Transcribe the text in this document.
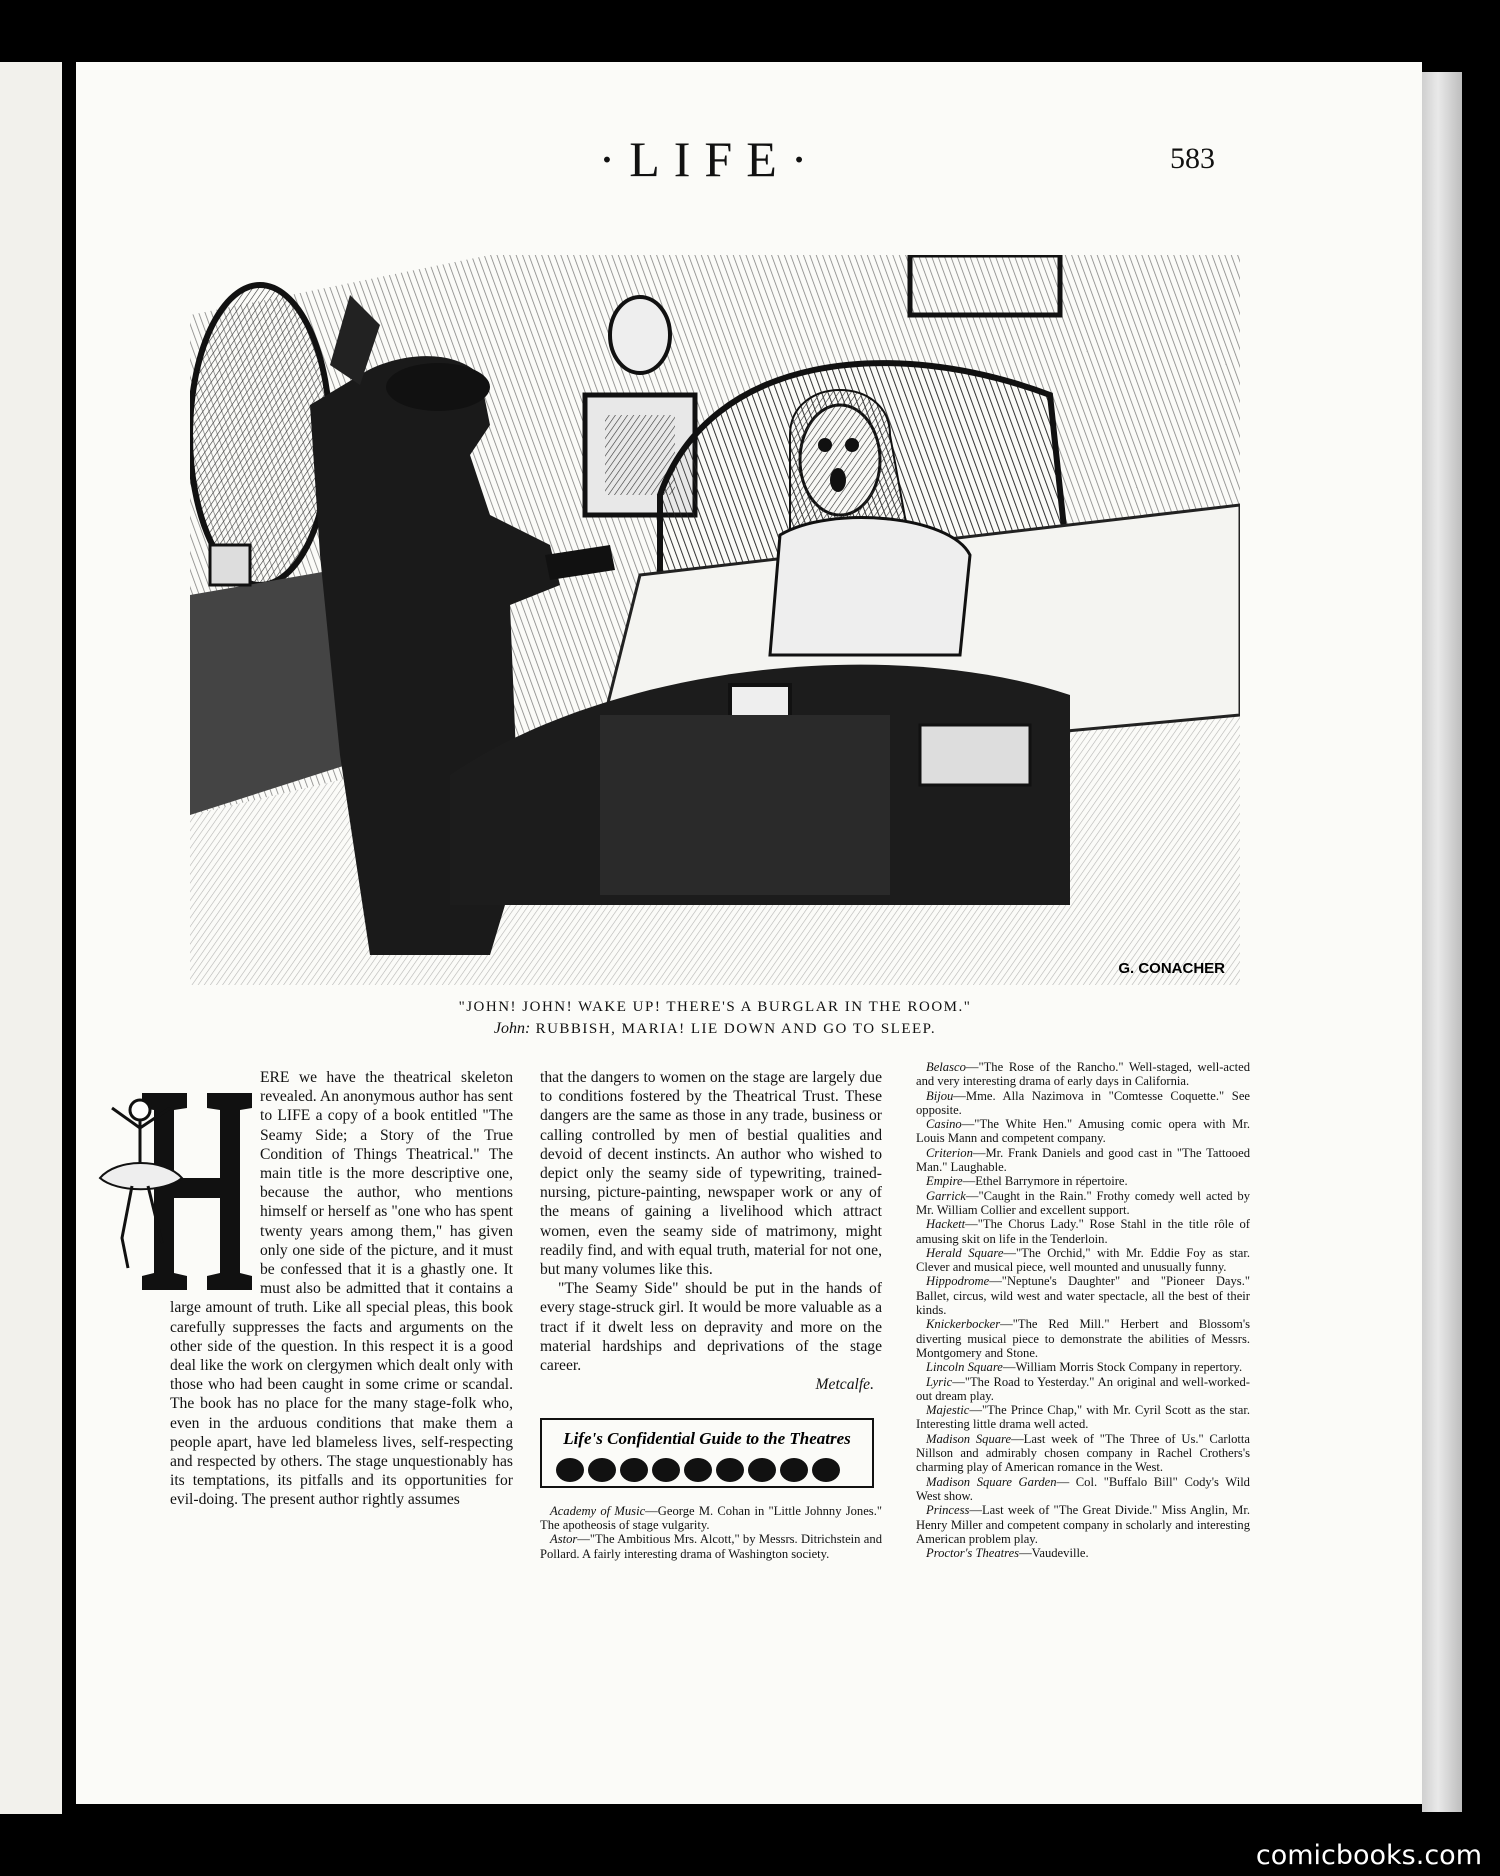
·LIFE·	583
G. CONACHER
"JOHN! JOHN! WAKE UP! THERE'S A BURGLAR IN THE ROOM."
John: RUBBISH, MARIA! LIE DOWN AND GO TO SLEEP.
H

ERE we have the theatrical skeleton revealed. An anonymous author has sent to LIFE a copy of a book entitled "The Seamy Side; a Story of the True Condition of Things Theatrical." The main title is the more descriptive one, because the author, who mentions himself or herself as "one who has spent twenty years among them," has given only one side of the picture, and it must be confessed that it is a ghastly one. It must also be admitted that it contains a large amount of truth. Like all special pleas, this book carefully suppresses the facts and arguments on the other side of the question. In this respect it is a good deal like the work on clergymen which dealt only with those who had been caught in some crime or scandal. The book has no place for the many stage-folk who, even in the arduous conditions that make them a people apart, have led blameless lives, self-respecting and respected by others. The stage unquestionably has its temptations, its pitfalls and its opportunities for evil-doing. The present author rightly assumes

that the dangers to women on the stage are largely due to conditions fostered by the Theatrical Trust. These dangers are the same as those in any trade, business or calling controlled by men of bestial qualities and devoid of decent instincts. An author who wished to depict only the seamy side of typewriting, trained-nursing, picture-painting, newspaper work or any of the means of gaining a livelihood which attract women, even the seamy side of matrimony, might readily find, and with equal truth, material for not one, but many volumes like this.

"The Seamy Side" should be put in the hands of every stage-struck girl. It would be more valuable as a tract if it dwelt less on depravity and more on the material hardships and deprivations of the stage career.

Metcalfe.

Life's Confidential Guide to the Theatres

Academy of Music—George M. Cohan in "Little Johnny Jones." The apotheosis of stage vulgarity.

Astor—"The Ambitious Mrs. Alcott," by Messrs. Ditrichstein and Pollard. A fairly interesting drama of Washington society.

Belasco—"The Rose of the Rancho." Well-staged, well-acted and very interesting drama of early days in California.

Bijou—Mme. Alla Nazimova in "Comtesse Coquette." See opposite.

Casino—"The White Hen." Amusing comic opera with Mr. Louis Mann and competent company.

Criterion—Mr. Frank Daniels and good cast in "The Tattooed Man." Laughable.

Empire—Ethel Barrymore in répertoire.

Garrick—"Caught in the Rain." Frothy comedy well acted by Mr. William Collier and excellent support.

Hackett—"The Chorus Lady." Rose Stahl in the title rôle of amusing skit on life in the Tenderloin.

Herald Square—"The Orchid," with Mr. Eddie Foy as star. Clever and musical piece, well mounted and unusually funny.

Hippodrome—"Neptune's Daughter" and "Pioneer Days." Ballet, circus, wild west and water spectacle, all the best of their kinds.

Knickerbocker—"The Red Mill." Herbert and Blossom's diverting musical piece to demonstrate the abilities of Messrs. Montgomery and Stone.

Lincoln Square—William Morris Stock Company in repertory.

Lyric—"The Road to Yesterday." An original and well-worked-out dream play.

Majestic—"The Prince Chap," with Mr. Cyril Scott as the star. Interesting little drama well acted.

Madison Square—Last week of "The Three of Us." Carlotta Nillson and admirably chosen company in Rachel Crothers's charming play of American romance in the West.

Madison Square Garden— Col. "Buffalo Bill" Cody's Wild West show.

Princess—Last week of "The Great Divide." Miss Anglin, Mr. Henry Miller and competent company in scholarly and interesting American problem play.

Proctor's Theatres—Vaudeville.

comicbooks.com
